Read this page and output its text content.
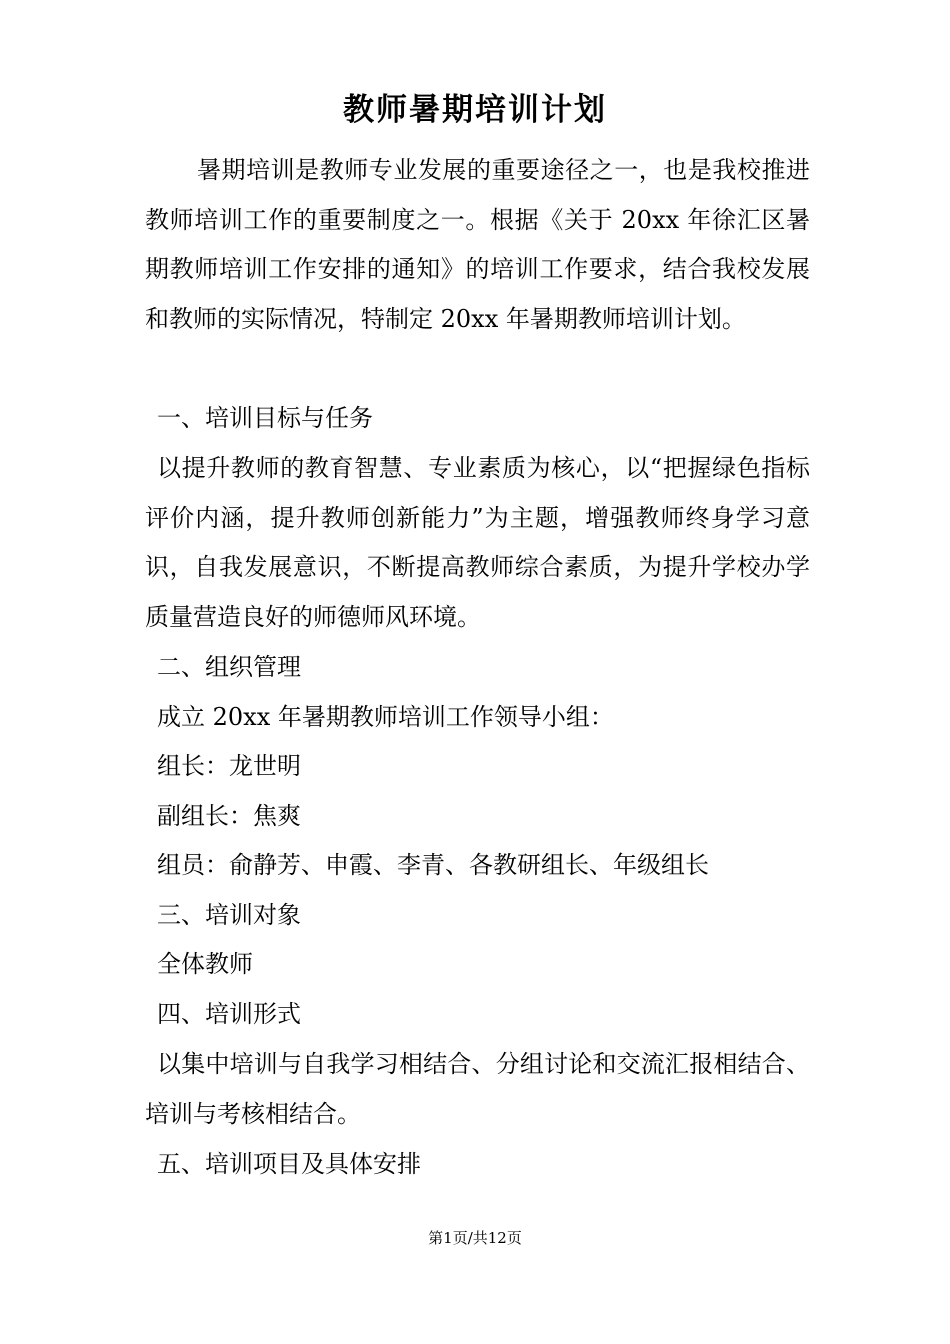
教师暑期培训计划
暑期培训是教师专业发展的重要途径之一，也是我校推进教师培训工作的重要制度之一。根据《关于 20xx 年徐汇区暑期教师培训工作安排的通知》的培训工作要求，结合我校发展和教师的实际情况，特制定 20xx 年暑期教师培训计划。
一、培训目标与任务
以提升教师的教育智慧、专业素质为核心，以“把握绿色指标评价内涵，提升教师创新能力”为主题，增强教师终身学习意识，自我发展意识，不断提高教师综合素质，为提升学校办学质量营造良好的师德师风环境。
二、组织管理
成立 20xx 年暑期教师培训工作领导小组：
组长：龙世明
副组长：焦爽
组员：俞静芳、申霞、李青、各教研组长、年级组长
三、培训对象
全体教师
四、培训形式
以集中培训与自我学习相结合、分组讨论和交流汇报相结合、培训与考核相结合。
五、培训项目及具体安排
第1页/共12页
